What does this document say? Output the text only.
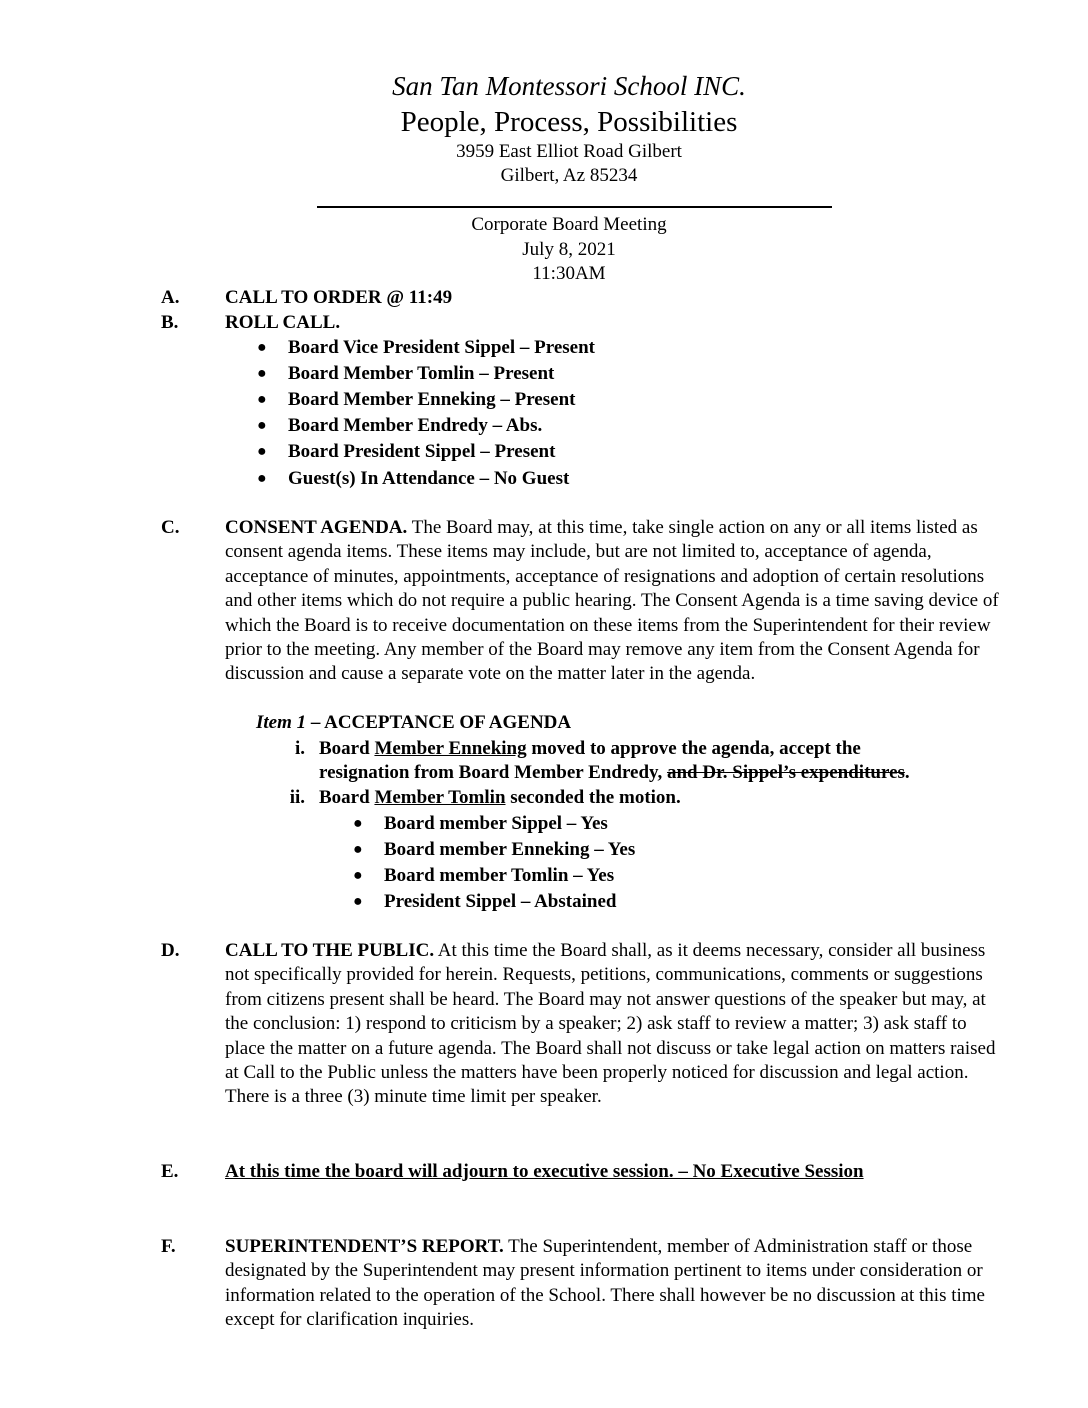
San Tan Montessori School INC.
People, Process, Possibilities
3959 East Elliot Road Gilbert
Gilbert, Az 85234
Corporate Board Meeting
July 8, 2021
11:30AM
A. CALL TO ORDER @ 11:49
B. ROLL CALL.
● Board Vice President Sippel – Present
● Board Member Tomlin – Present
● Board Member Enneking – Present
● Board Member Endredy – Abs.
● Board President Sippel – Present
● Guest(s) In Attendance – No Guest
C. CONSENT AGENDA. The Board may, at this time, take single action on any or all items listed as consent agenda items. These items may include, but are not limited to, acceptance of agenda, acceptance of minutes, appointments, acceptance of resignations and adoption of certain resolutions and other items which do not require a public hearing. The Consent Agenda is a time saving device of which the Board is to receive documentation on these items from the Superintendent for their review prior to the meeting. Any member of the Board may remove any item from the Consent Agenda for discussion and cause a separate vote on the matter later in the agenda.
Item 1 – ACCEPTANCE OF AGENDA
i. Board Member Enneking moved to approve the agenda, accept the
resignation from Board Member Endredy, and Dr. Sippel’s expenditures.
ii. Board Member Tomlin seconded the motion.
● Board member Sippel – Yes
● Board member Enneking – Yes
● Board member Tomlin – Yes
● President Sippel – Abstained
D. CALL TO THE PUBLIC. At this time the Board shall, as it deems necessary, consider all business not specifically provided for herein. Requests, petitions, communications, comments or suggestions from citizens present shall be heard. The Board may not answer questions of the speaker but may, at the conclusion: 1) respond to criticism by a speaker; 2) ask staff to review a matter; 3) ask staff to place the matter on a future agenda. The Board shall not discuss or take legal action on matters raised at Call to the Public unless the matters have been properly noticed for discussion and legal action. There is a three (3) minute time limit per speaker.
E. At this time the board will adjourn to executive session. – No Executive Session
F.	SUPERINTENDENT’S REPORT. The Superintendent, member of Administration staff or those designated by the Superintendent may present information pertinent to items under consideration or information related to the operation of the School. There shall however be no discussion at this time except for clarification inquiries.
